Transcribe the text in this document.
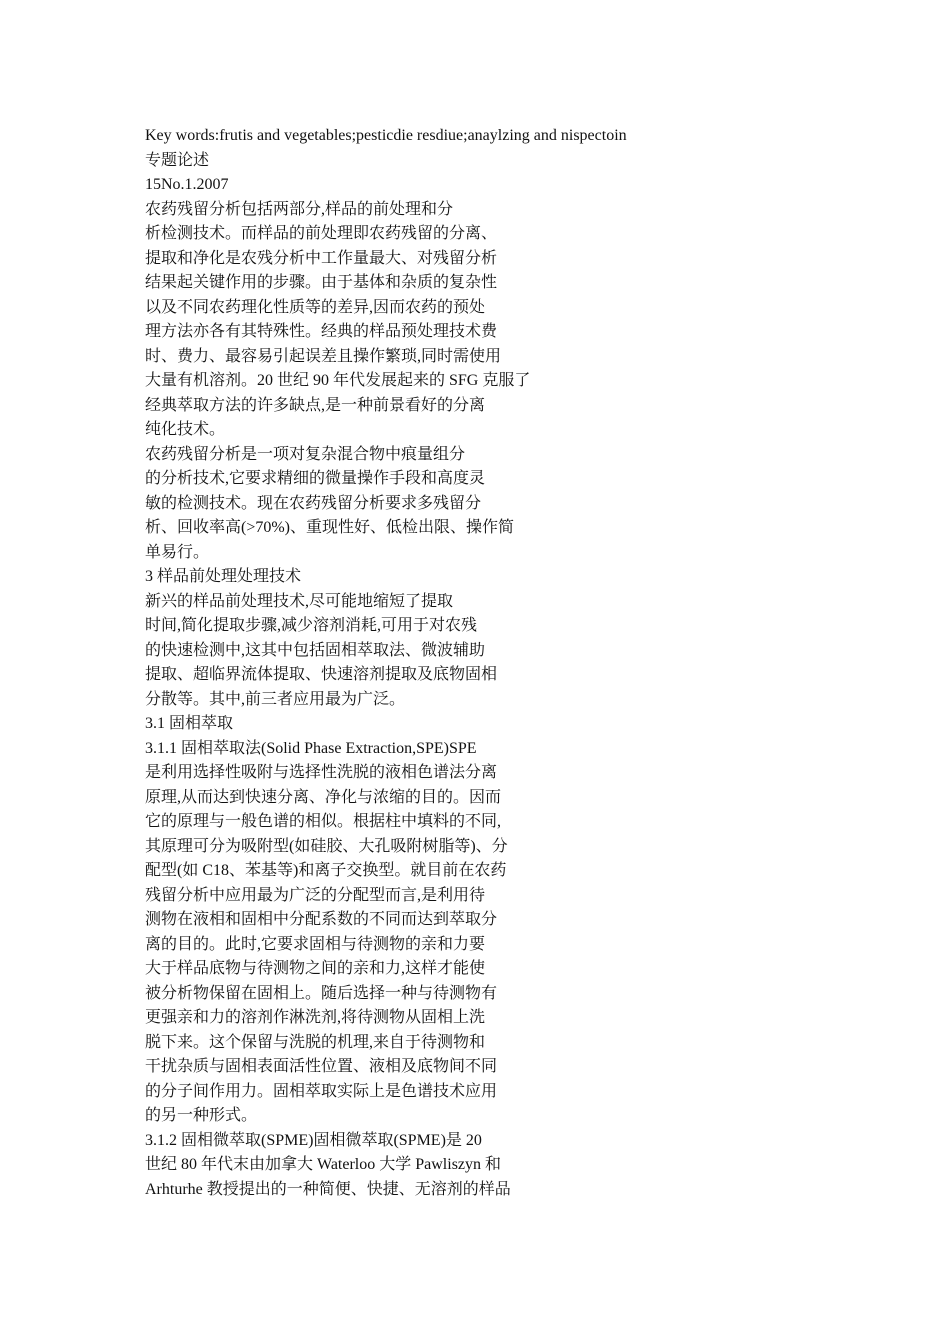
Key words:frutis and vegetables;pesticdie resdiue;anaylzing and nispectoin
专题论述
15No.1.2007
农药残留分析包括两部分,样品的前处理和分
析检测技术。而样品的前处理即农药残留的分离、
提取和净化是农残分析中工作量最大、对残留分析
结果起关键作用的步骤。由于基体和杂质的复杂性
以及不同农药理化性质等的差异,因而农药的预处
理方法亦各有其特殊性。经典的样品预处理技术费
时、费力、最容易引起误差且操作繁琐,同时需使用
大量有机溶剂。20 世纪 90 年代发展起来的 SFG 克服了
经典萃取方法的许多缺点,是一种前景看好的分离
纯化技术。
农药残留分析是一项对复杂混合物中痕量组分
的分析技术,它要求精细的微量操作手段和高度灵
敏的检测技术。现在农药残留分析要求多残留分
析、回收率高(>70%)、重现性好、低检出限、操作简
单易行。
3 样品前处理处理技术
新兴的样品前处理技术,尽可能地缩短了提取
时间,简化提取步骤,减少溶剂消耗,可用于对农残
的快速检测中,这其中包括固相萃取法、微波辅助
提取、超临界流体提取、快速溶剂提取及底物固相
分散等。其中,前三者应用最为广泛。
3.1 固相萃取
3.1.1 固相萃取法(Solid Phase Extraction,SPE)SPE
是利用选择性吸附与选择性洗脱的液相色谱法分离
原理,从而达到快速分离、净化与浓缩的目的。因而
它的原理与一般色谱的相似。根据柱中填料的不同,
其原理可分为吸附型(如硅胶、大孔吸附树脂等)、分
配型(如 C18、苯基等)和离子交换型。就目前在农药
残留分析中应用最为广泛的分配型而言,是利用待
测物在液相和固相中分配系数的不同而达到萃取分
离的目的。此时,它要求固相与待测物的亲和力要
大于样品底物与待测物之间的亲和力,这样才能使
被分析物保留在固相上。随后选择一种与待测物有
更强亲和力的溶剂作淋洗剂,将待测物从固相上洗
脱下来。这个保留与洗脱的机理,来自于待测物和
干扰杂质与固相表面活性位置、液相及底物间不同
的分子间作用力。固相萃取实际上是色谱技术应用
的另一种形式。
3.1.2 固相微萃取(SPME)固相微萃取(SPME)是 20
世纪 80 年代末由加拿大 Waterloo 大学 Pawliszyn 和
Arhturhe 教授提出的一种简便、快捷、无溶剂的样品
